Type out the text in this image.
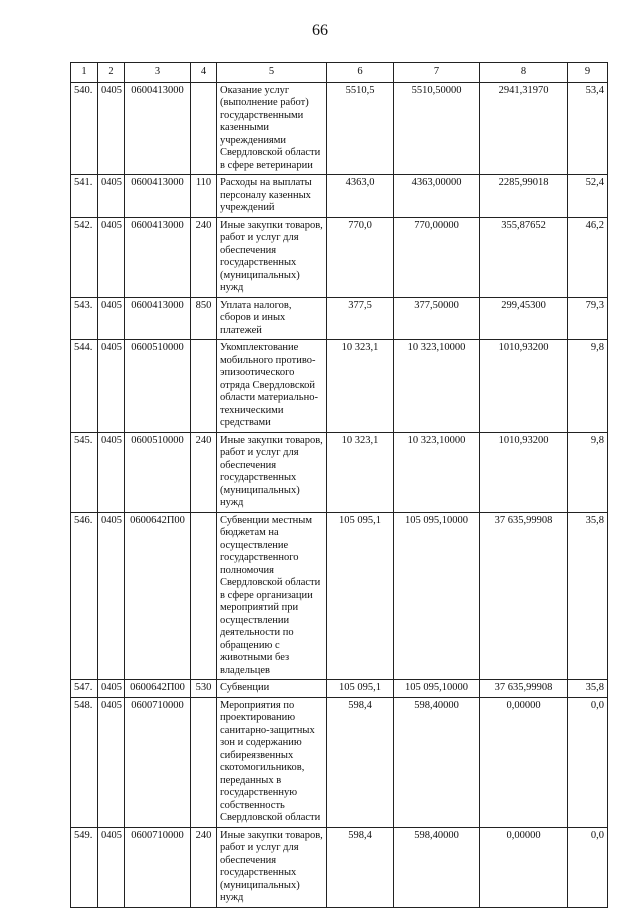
66
1	2	3	4	5	6	7	8	9
540.	0405	0600413000		Оказание услуг (выполнение работ) государственными казенными учреждениями Свердловской области в сфере ветеринарии	5510,5	5510,50000	2941,31970	53,4
541.	0405	0600413000	110	Расходы на выплаты персоналу казенных учреждений	4363,0	4363,00000	2285,99018	52,4
542.	0405	0600413000	240	Иные закупки товаров, работ и услуг для обеспечения государственных (муниципальных) нужд	770,0	770,00000	355,87652	46,2
543.	0405	0600413000	850	Уплата налогов, сборов и иных платежей	377,5	377,50000	299,45300	79,3
544.	0405	0600510000		Укомплектование мобильного противо-эпизоотического отряда Свердловской области материально-техническими средствами	10 323,1	10 323,10000	1010,93200	9,8
545.	0405	0600510000	240	Иные закупки товаров, работ и услуг для обеспечения государственных (муниципальных) нужд	10 323,1	10 323,10000	1010,93200	9,8
546.	0405	0600642П00		Субвенции местным бюджетам на осуществление государственного полномочия Свердловской области в сфере организации мероприятий при осуществлении деятельности по обращению с животными без владельцев	105 095,1	105 095,10000	37 635,99908	35,8
547.	0405	0600642П00	530	Субвенции	105 095,1	105 095,10000	37 635,99908	35,8
548.	0405	0600710000		Мероприятия по проектированию санитарно-защитных зон и содержанию сибиреязвенных скотомогильников, переданных в государственную собственность Свердловской области	598,4	598,40000	0,00000	0,0
549.	0405	0600710000	240	Иные закупки товаров, работ и услуг для обеспечения государственных (муниципальных) нужд	598,4	598,40000	0,00000	0,0
